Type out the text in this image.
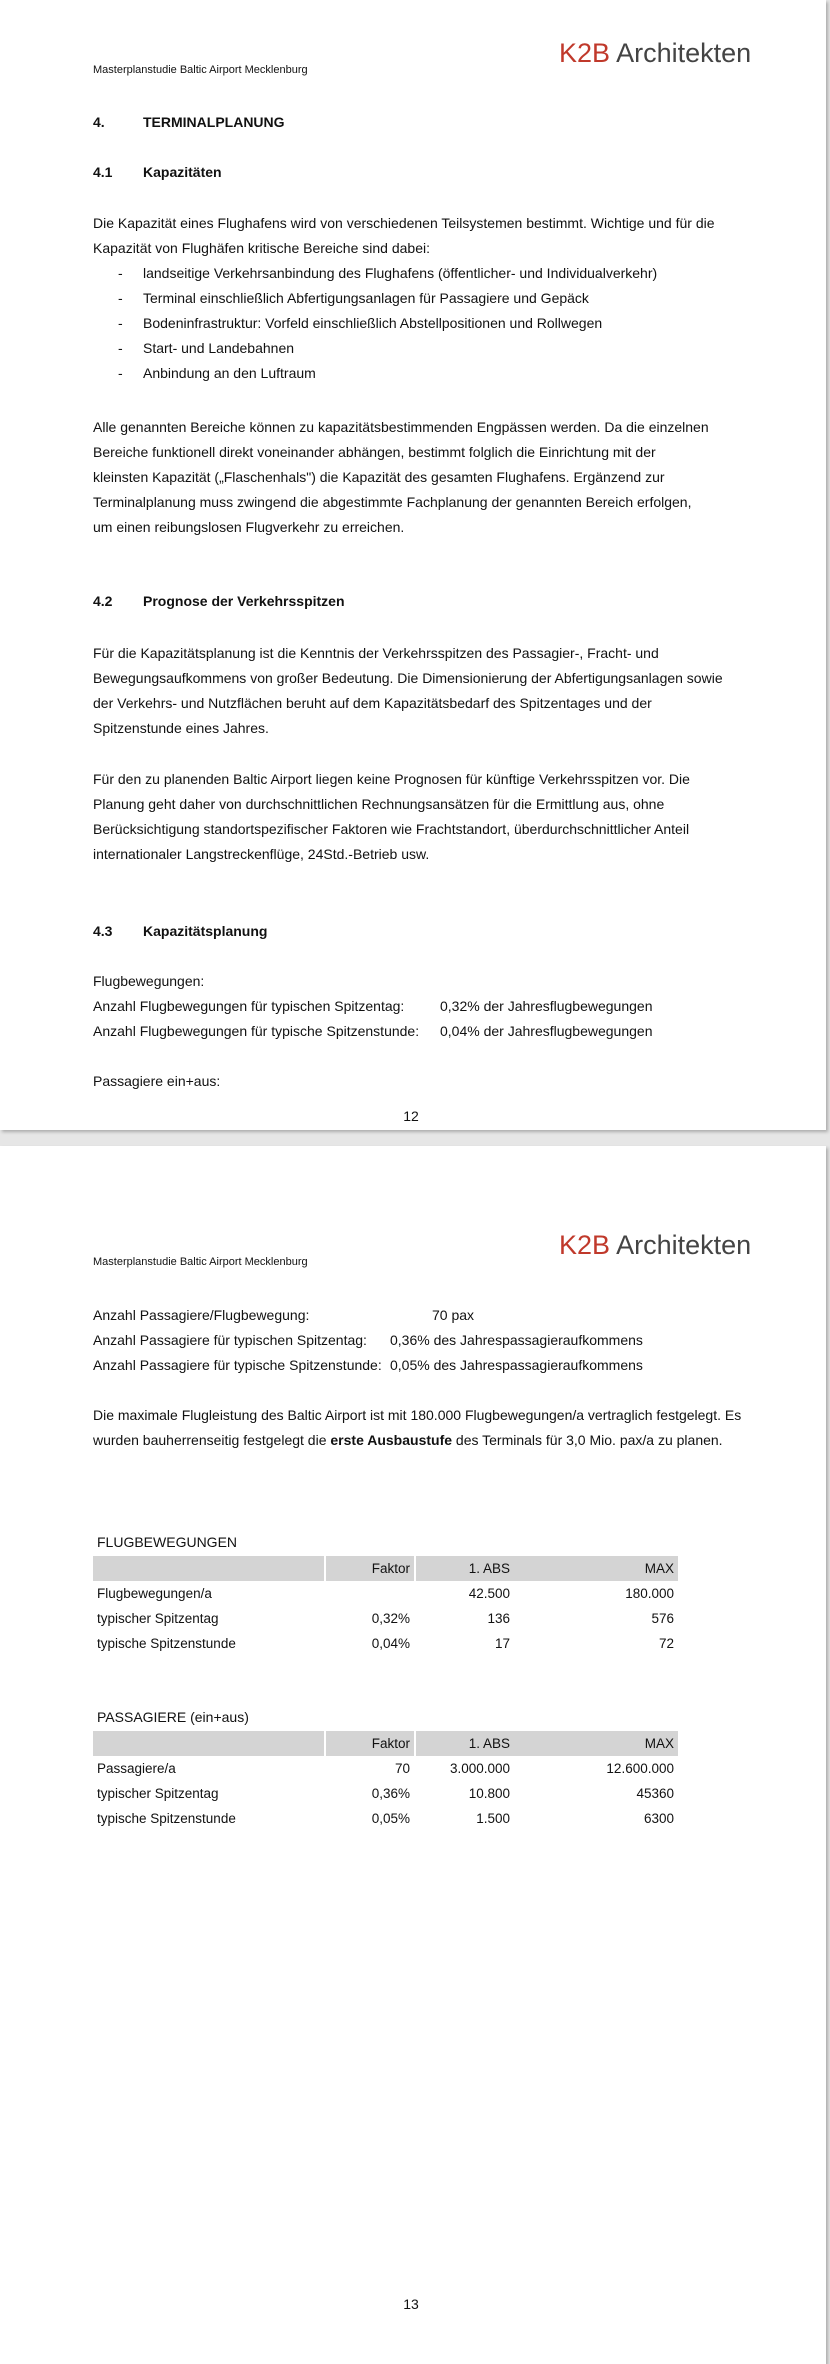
Masterplanstudie Baltic Airport Mecklenburg
K2B Architekten
4.	TERMINALPLANUNG
4.1 Kapazitäten
Die Kapazität eines Flughafens wird von verschiedenen Teilsystemen bestimmt. Wichtige und für die Kapazität von Flughäfen kritische Bereiche sind dabei:
- landseitige Verkehrsanbindung des Flughafens (öffentlicher- und Individualverkehr)
- Terminal einschließlich Abfertigungsanlagen für Passagiere und Gepäck
- Bodeninfrastruktur: Vorfeld einschließlich Abstellpositionen und Rollwegen
- Start- und Landebahnen
- Anbindung an den Luftraum
Alle genannten Bereiche können zu kapazitätsbestimmenden Engpässen werden. Da die einzelnen Bereiche funktionell direkt voneinander abhängen, bestimmt folglich die Einrichtung mit der kleinsten Kapazität („Flaschenhals") die Kapazität des gesamten Flughafens. Ergänzend zur Terminalplanung muss zwingend die abgestimmte Fachplanung der genannten Bereich erfolgen, um einen reibungslosen Flugverkehr zu erreichen.
4.2 Prognose der Verkehrsspitzen
Für die Kapazitätsplanung ist die Kenntnis der Verkehrsspitzen des Passagier-, Fracht- und Bewegungsaufkommens von großer Bedeutung. Die Dimensionierung der Abfertigungsanlagen sowie der Verkehrs- und Nutzflächen beruht auf dem Kapazitätsbedarf des Spitzentages und der Spitzenstunde eines Jahres.
Für den zu planenden Baltic Airport liegen keine Prognosen für künftige Verkehrsspitzen vor. Die Planung geht daher von durchschnittlichen Rechnungsansätzen für die Ermittlung aus, ohne Berücksichtigung standortspezifischer Faktoren wie Frachtstandort, überdurchschnittlicher Anteil internationaler Langstreckenflüge, 24Std.-Betrieb usw.
4.3 Kapazitätsplanung
Flugbewegungen:
Anzahl Flugbewegungen für typischen Spitzentag:	0,32% der Jahresflugbewegungen
Anzahl Flugbewegungen für typische Spitzenstunde: 0,04% der Jahresflugbewegungen
Passagiere ein+aus:
12
Masterplanstudie Baltic Airport Mecklenburg
K2B Architekten
Anzahl Passagiere/Flugbewegung:	70 pax
Anzahl Passagiere für typischen Spitzentag: 0,36% des Jahrespassagieraufkommens
Anzahl Passagiere für typische Spitzenstunde: 0,05% des Jahrespassagieraufkommens
Die maximale Flugleistung des Baltic Airport ist mit 180.000 Flugbewegungen/a vertraglich festgelegt. Es wurden bauherrenseitig festgelegt die erste Ausbaustufe des Terminals für 3,0 Mio. pax/a zu planen.
FLUGBEWEGUNGEN
	Faktor	1. ABS	MAX
Flugbewegungen/a		42.500	180.000
typischer Spitzentag	0,32%	136	576
typische Spitzenstunde	0,04%	17	72
PASSAGIERE (ein+aus)
	Faktor	1. ABS	MAX
Passagiere/a	70	3.000.000	12.600.000
typischer Spitzentag	0,36%	10.800	45360
typische Spitzenstunde	0,05%	1.500	6300
13
